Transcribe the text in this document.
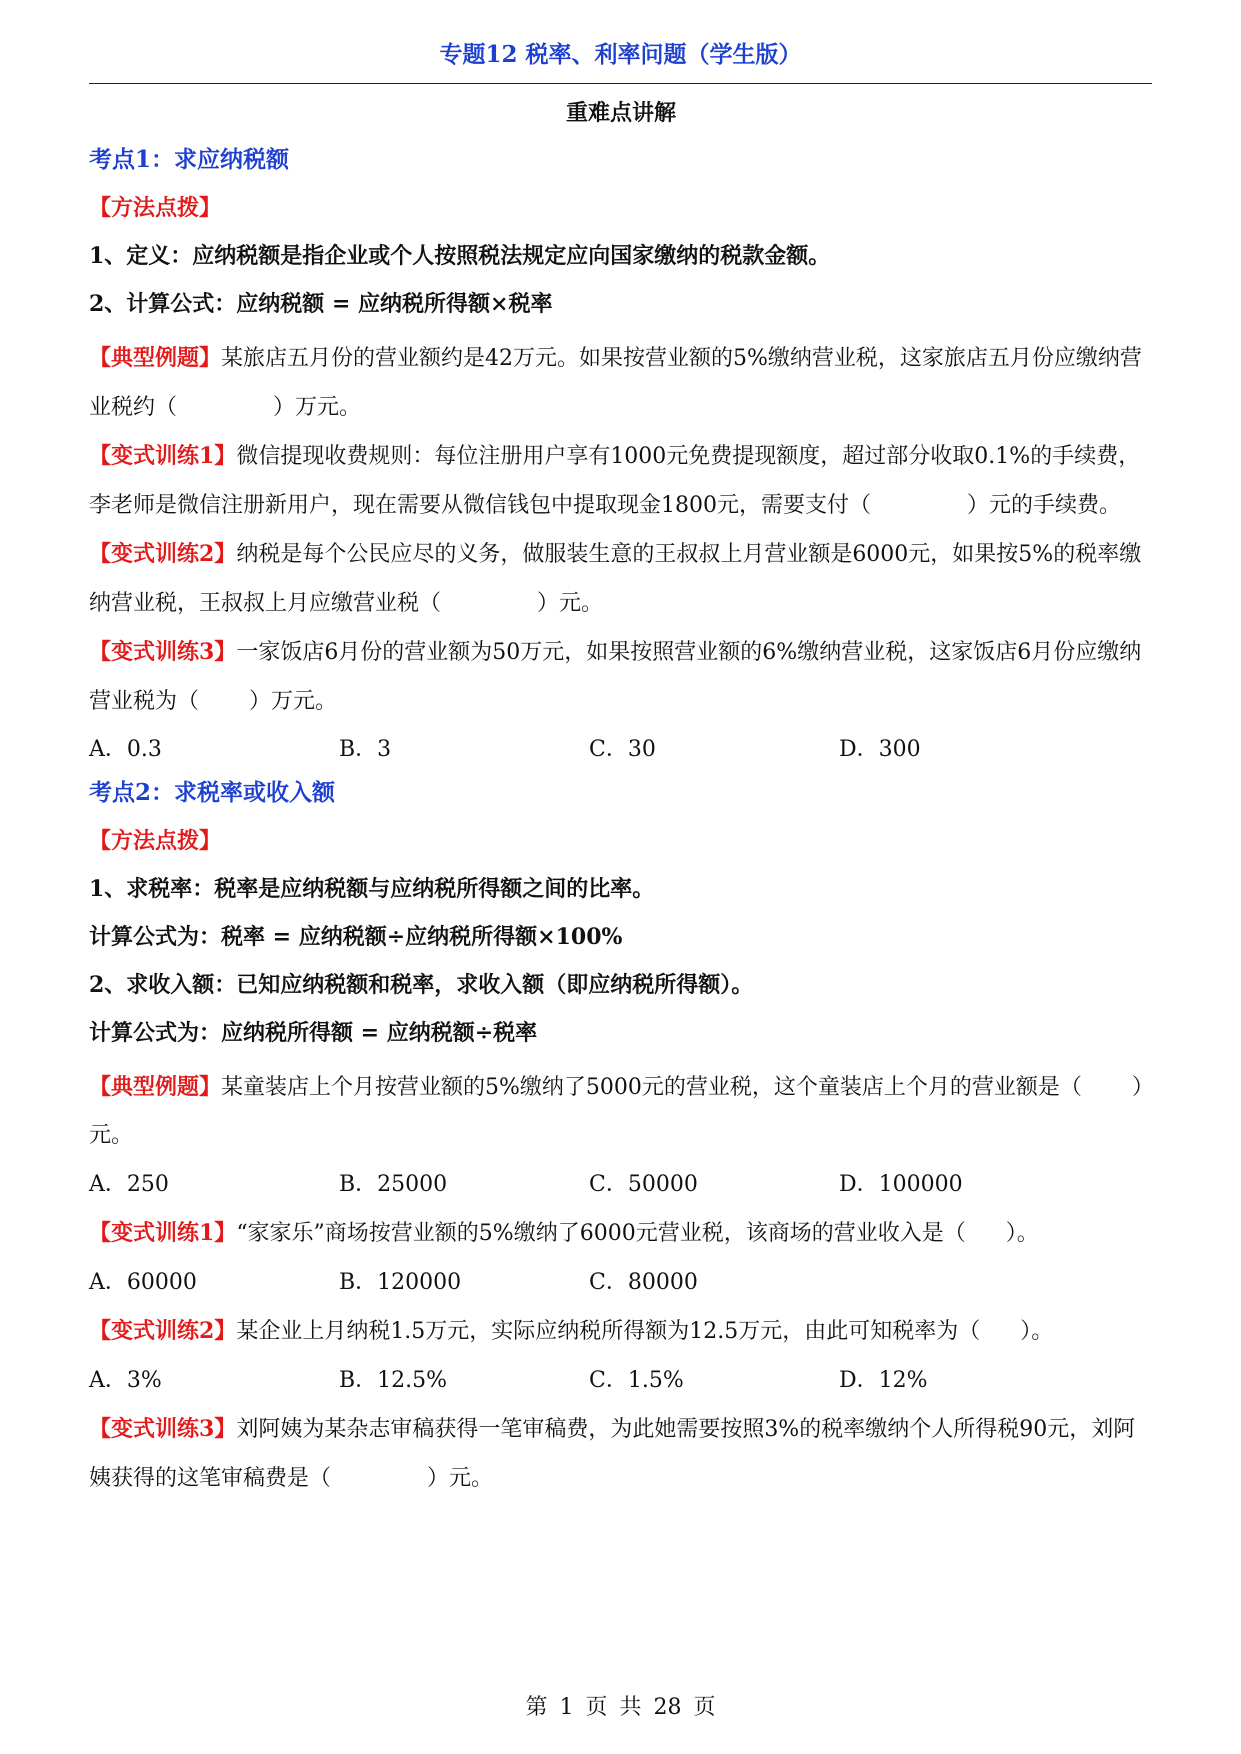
专题12 税率、利率问题（学生版）
重难点讲解
考点1：求应纳税额
【方法点拨】
1、定义：应纳税额是指企业或个人按照税法规定应向国家缴纳的税款金额。
2、计算公式：应纳税额 = 应纳税所得额×税率
【典型例题】某旅店五月份的营业额约是42万元。如果按营业额的5%缴纳营业税，这家旅店五月份应缴纳营业税约（	）万元。
【变式训练1】微信提现收费规则：每位注册用户享有1000元免费提现额度，超过部分收取0.1%的手续费，李老师是微信注册新用户，现在需要从微信钱包中提取现金1800元，需要支付（	）元的手续费。
【变式训练2】纳税是每个公民应尽的义务，做服装生意的王叔叔上月营业额是6000元，如果按5%的税率缴纳营业税，王叔叔上月应缴营业税（	）元。
【变式训练3】一家饭店6月份的营业额为50万元，如果按照营业额的6%缴纳营业税，这家饭店6月份应缴纳营业税为（ ）万元。
A．0.3	B．3	C．30	D．300
考点2：求税率或收入额
【方法点拨】
1、求税率：税率是应纳税额与应纳税所得额之间的比率。
计算公式为：税率 = 应纳税额÷应纳税所得额×100%
2、求收入额：已知应纳税额和税率，求收入额（即应纳税所得额）。
计算公式为：应纳税所得额 = 应纳税额÷税率
【典型例题】某童装店上个月按营业额的5%缴纳了5000元的营业税，这个童装店上个月的营业额是（ ）元。
A．250	B．25000	C．50000	D．100000
【变式训练1】“家家乐”商场按营业额的5%缴纳了6000元营业税，该商场的营业收入是（ ）。
A．60000	B．120000	C．80000
【变式训练2】某企业上月纳税1.5万元，实际应纳税所得额为12.5万元，由此可知税率为（ ）。
A．3%	B．12.5%	C．1.5%	D．12%
【变式训练3】刘阿姨为某杂志审稿获得一笔审稿费，为此她需要按照3%的税率缴纳个人所得税90元，刘阿姨获得的这笔审稿费是（	）元。
第 1 页 共 28 页
